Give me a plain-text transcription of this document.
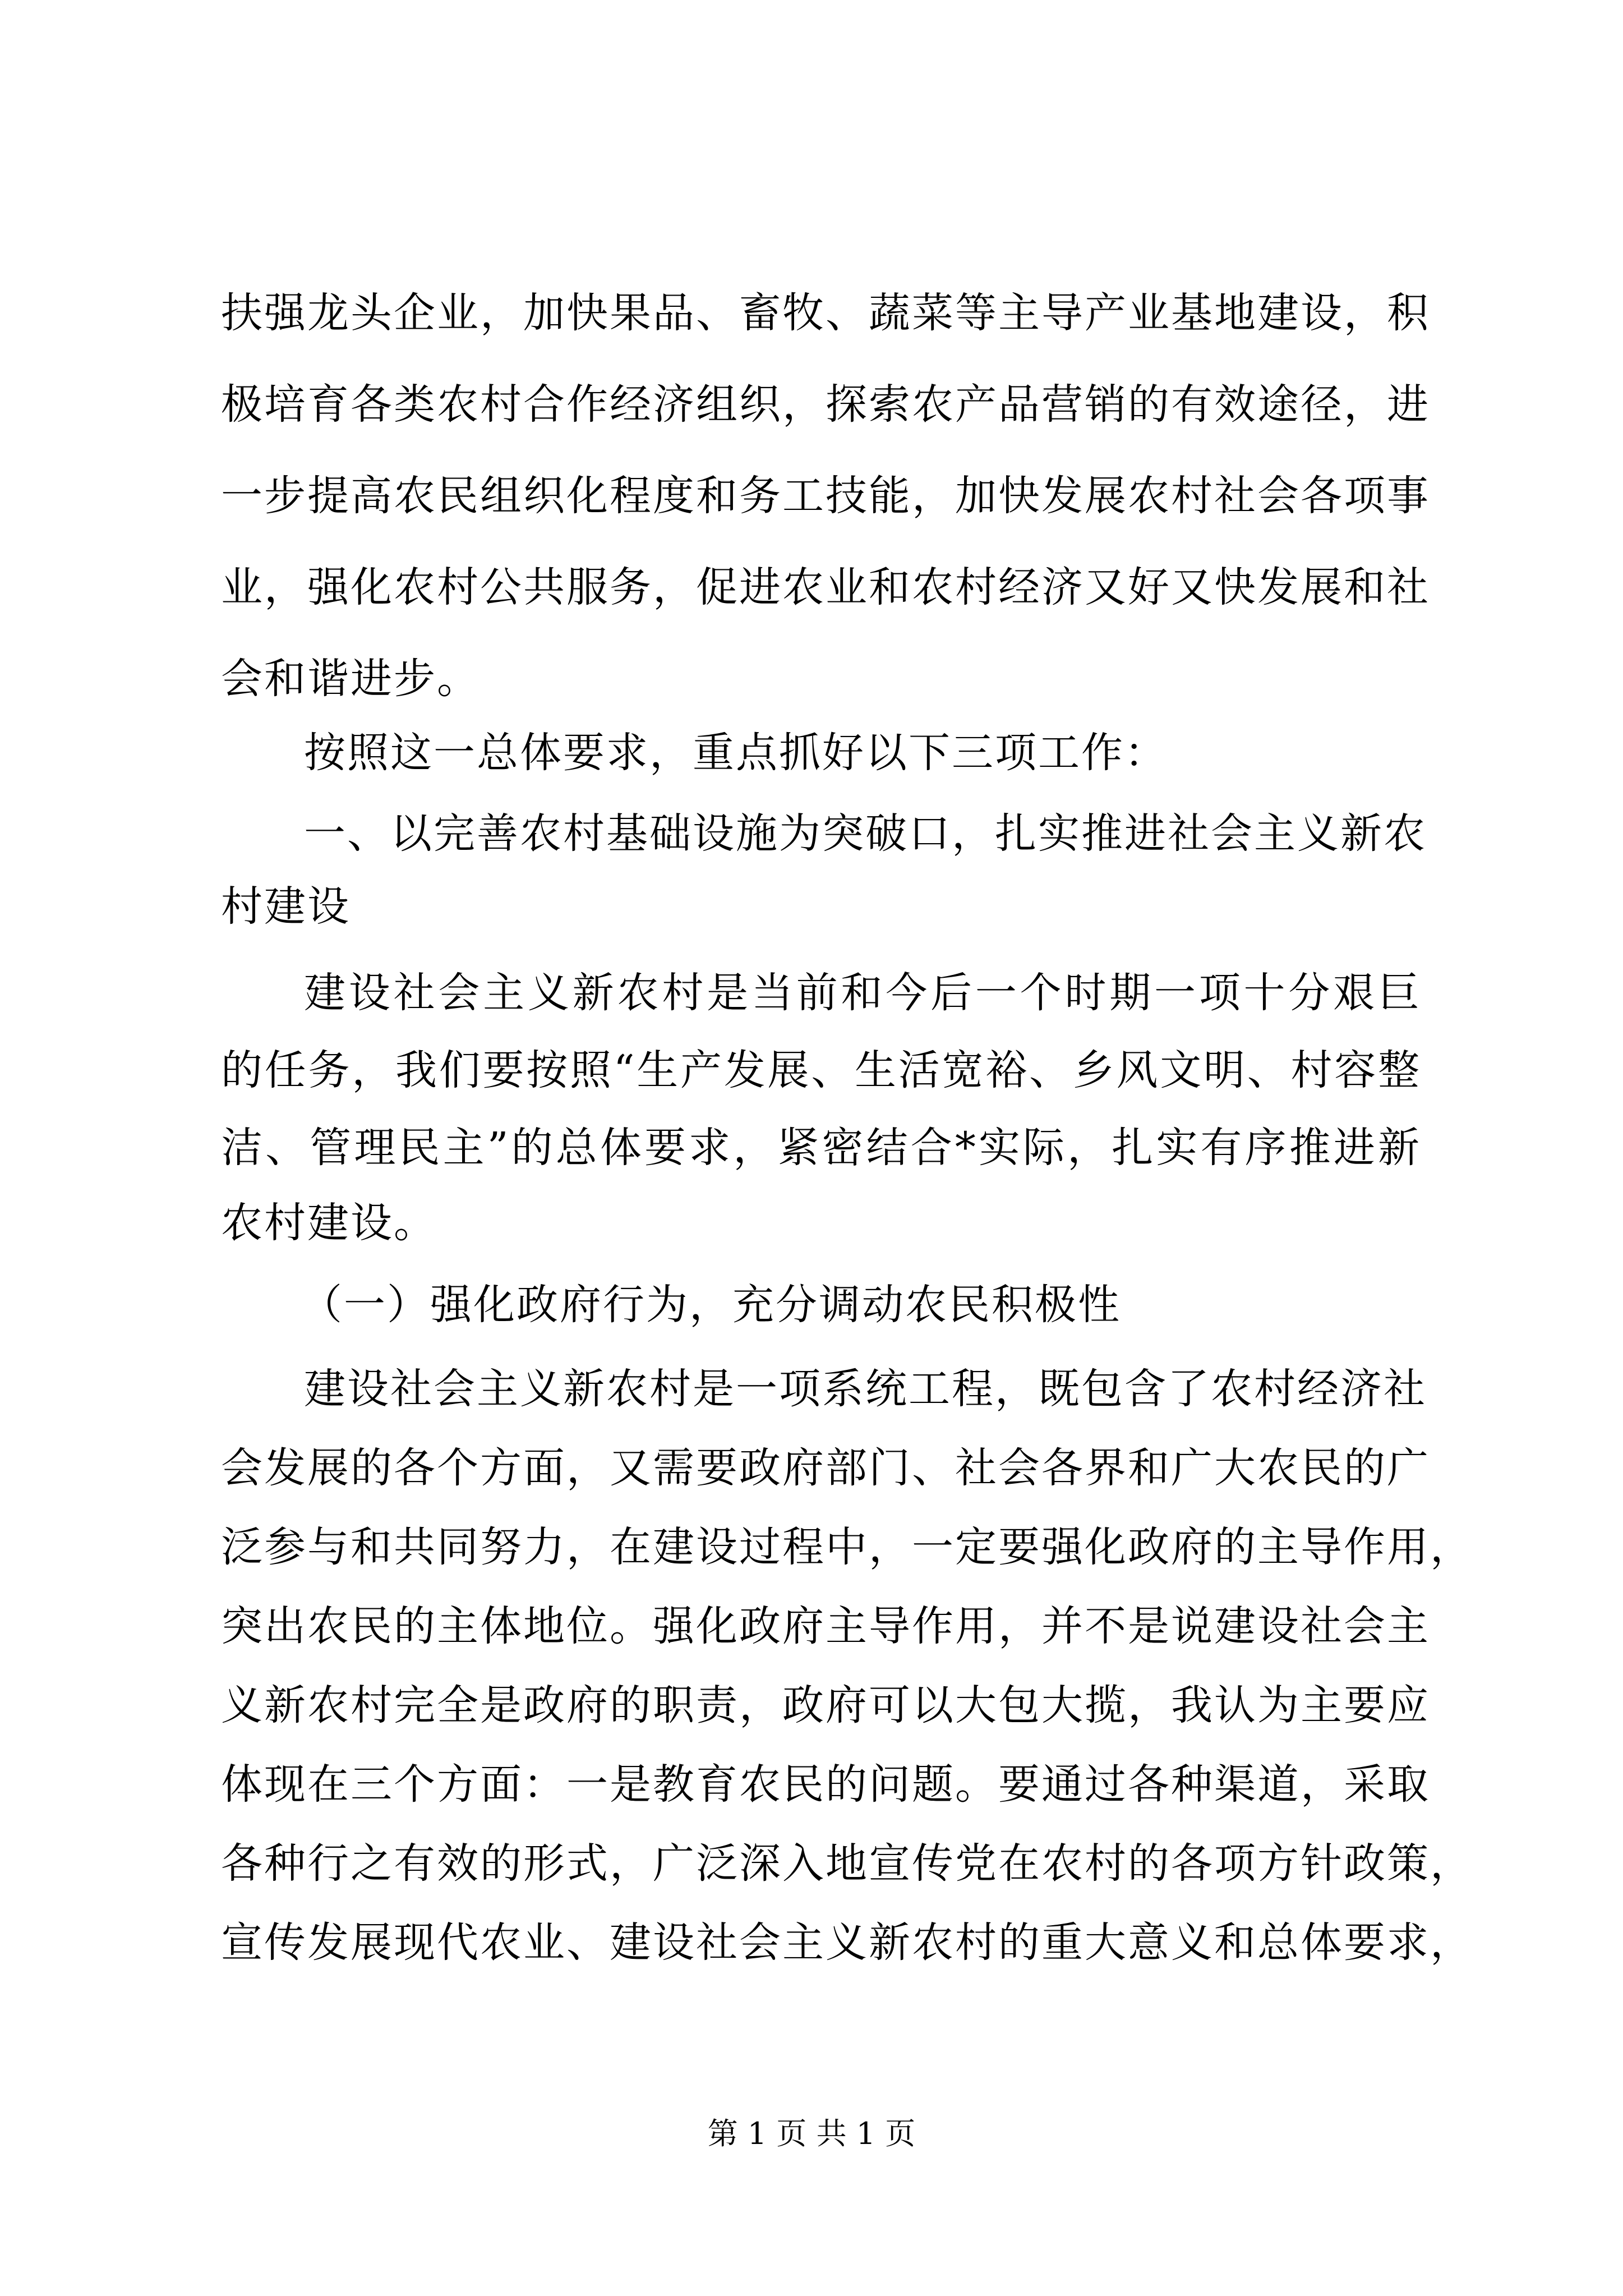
扶强龙头企业，加快果品、畜牧、蔬菜等主导产业基地建设，积
极培育各类农村合作经济组织，探索农产品营销的有效途径，进
一步提高农民组织化程度和务工技能，加快发展农村社会各项事
业，强化农村公共服务，促进农业和农村经济又好又快发展和社
会和谐进步。
按照这一总体要求，重点抓好以下三项工作：
一、以完善农村基础设施为突破口，扎实推进社会主义新农
村建设
建设社会主义新农村是当前和今后一个时期一项十分艰巨
的任务，我们要按照“生产发展、生活宽裕、乡风文明、村容整
洁、管理民主”的总体要求，紧密结合*实际，扎实有序推进新
农村建设。
（一）强化政府行为，充分调动农民积极性
建设社会主义新农村是一项系统工程，既包含了农村经济社
会发展的各个方面，又需要政府部门、社会各界和广大农民的广
泛参与和共同努力，在建设过程中，一定要强化政府的主导作用，
突出农民的主体地位。强化政府主导作用，并不是说建设社会主
义新农村完全是政府的职责，政府可以大包大揽，我认为主要应
体现在三个方面：一是教育农民的问题。要通过各种渠道，采取
各种行之有效的形式，广泛深入地宣传党在农村的各项方针政策，
宣传发展现代农业、建设社会主义新农村的重大意义和总体要求，
第 1 页 共 1 页
